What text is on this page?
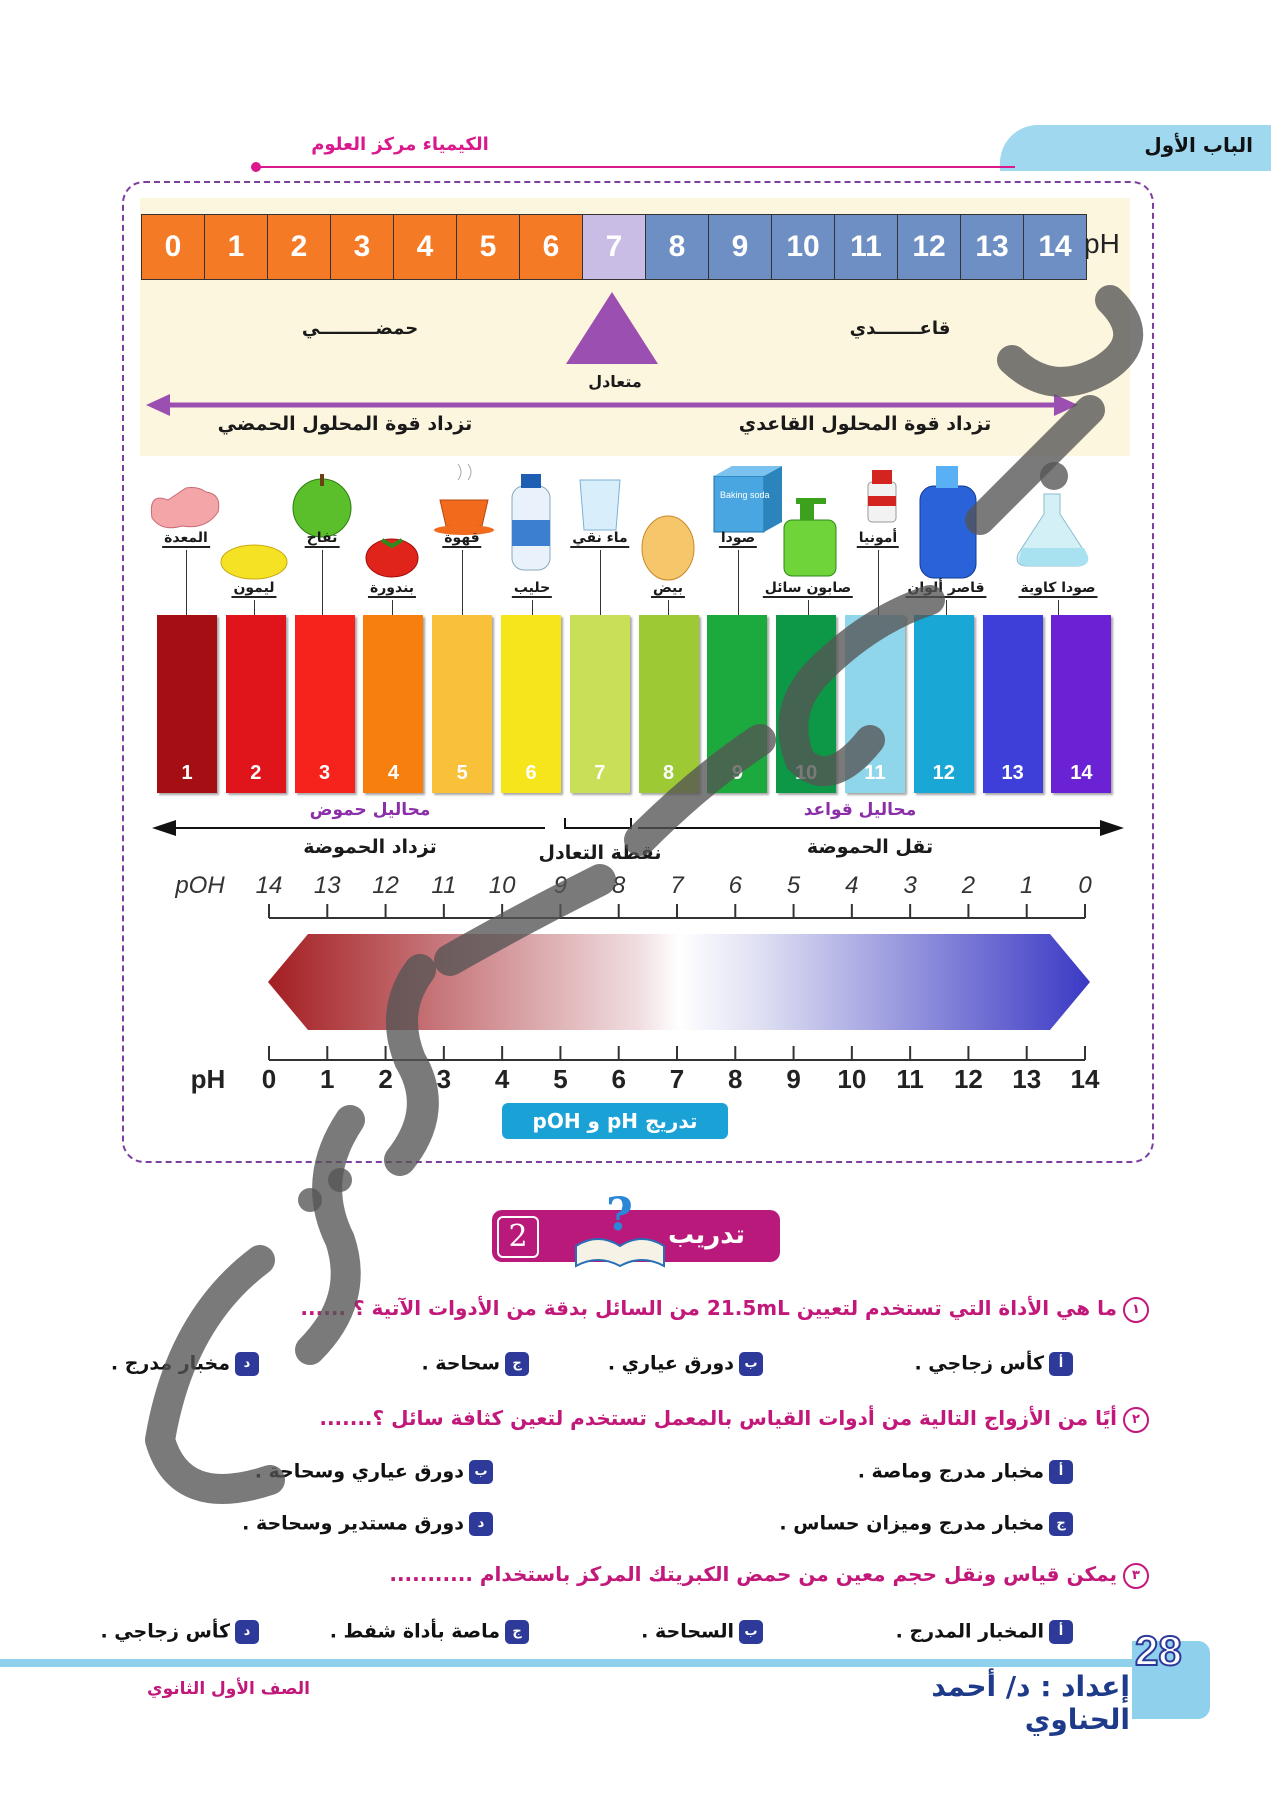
الباب الأول
الكيمياء مركز العلوم
0	1	2	3	4	5	6	7	8	9	10	11	12 13 14 pH
حمضـــــــــي	قاعـــــــدي
متعادل
تزداد قوة المحلول الحمضي	تزداد قوة المحلول القاعدي
Baking soda
المعدة
ليمون
تفاح
بندورة
قهوة
حليب
ماء نقي
بيض
صودا
صابون سائل
أمونيا
قاصر ألوان	صودا كاوية
1	2	3	4	5	6	7	8	9	10	11	12	13	14
محاليل حموض	محاليل قواعد
تزداد الحموضة	نقطة التعادل	تقل الحموضة
14
0
13
1
12
2
11
3
10
4
9
5
8
6
7
7
6
8
5
9
4
10
3
11
2
12
1
13
0
14
pOH
pH
تدريج pH و pOH
2	تدريب
?
١ما هي الأداة التي تستخدم لتعيين 21.5mL من السائل بدقة من الأدوات الآتية ؟ ......
أكأس زجاجي .
بدورق عياري .
جسحاحة .
دمخبار مدرج .
٢أيًا من الأزواج التالية من أدوات القياس بالمعمل تستخدم لتعين كثافة سائل ؟.......
أمخبار مدرج وماصة .
بدورق عياري وسحاحة .
جمخبار مدرج وميزان حساس .
ددورق مستدير وسحاحة .
٣يمكن قياس ونقل حجم معين من حمض الكبريتك المركز باستخدام ...........
أالمخبار المدرج .
بالسحاحة .
جماصة بأداة شفط .
دكأس زجاجي .	28
إعداد : د/ أحمد الحناوي
الصف الأول الثانوي
